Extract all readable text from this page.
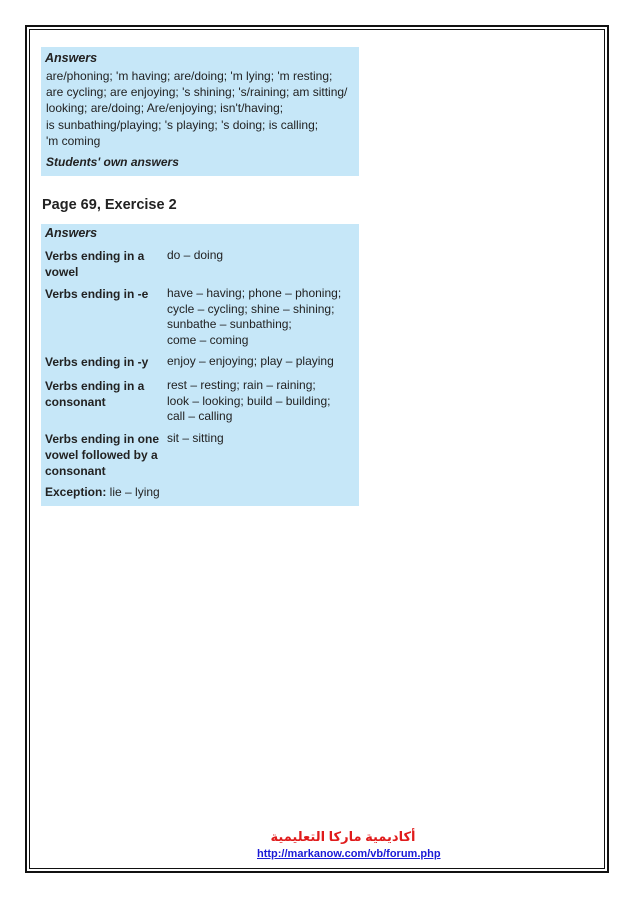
Answers
are/phoning; 'm having; are/doing; 'm lying; 'm resting;
are cycling; are enjoying; 's shining; 's/raining; am sitting/
looking; are/doing; Are/enjoying; isn't/having;
is sunbathing/playing; 's playing; 's doing; is calling;
'm coming
Students' own answers
Page 69, Exercise 2
Answers
Verbs ending in a vowel
do – doing
Verbs ending in -e	have – having; phone – phoning;
cycle – cycling; shine – shining;
sunbathe – sunbathing;
come – coming
Verbs ending in -y	enjoy – enjoying; play – playing
Verbs ending in a consonant
rest – resting; rain – raining;
look – looking; build – building;
call – calling
Verbs ending in one vowel followed by a consonant
sit – sitting
Exception: lie – lying
أكاديمية ماركا التعليمية
http://markanow.com/vb/forum.php
